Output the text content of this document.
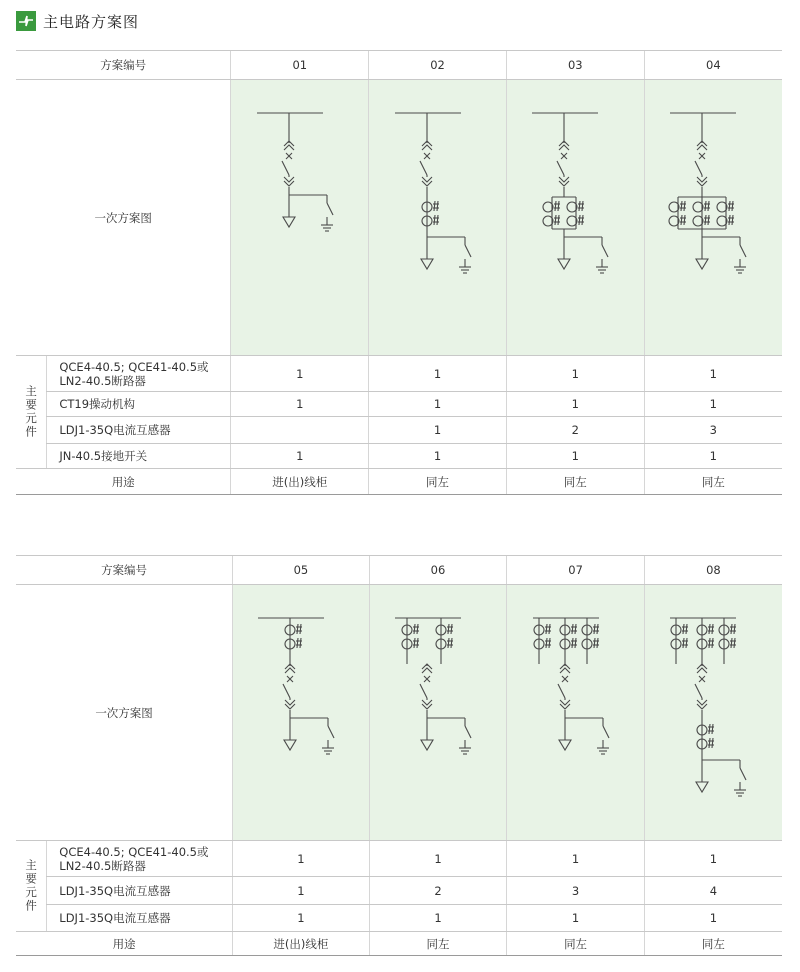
主电路方案图
方案编号		01	02	03	04
一次方案图	

主要元件	QCE4-40.5; QCE41-40.5或LN2-40.5断路器	1	1	1	1
	CT19操动机构	1	1	1	1
	LDJ1-35Q电流互感器		1	2	3
	JN-40.5接地开关	1	1	1	1
用途		进(出)线柜	同左	同左	同左
方案编号		05	06	07	08
一次方案图	

主要元件	QCE4-40.5; QCE41-40.5或LN2-40.5断路器	1	1	1	1
	LDJ1-35Q电流互感器	1	2	3	4
	LDJ1-35Q电流互感器	1	1	1	1
用途		进(出)线柜	同左	同左	同左
